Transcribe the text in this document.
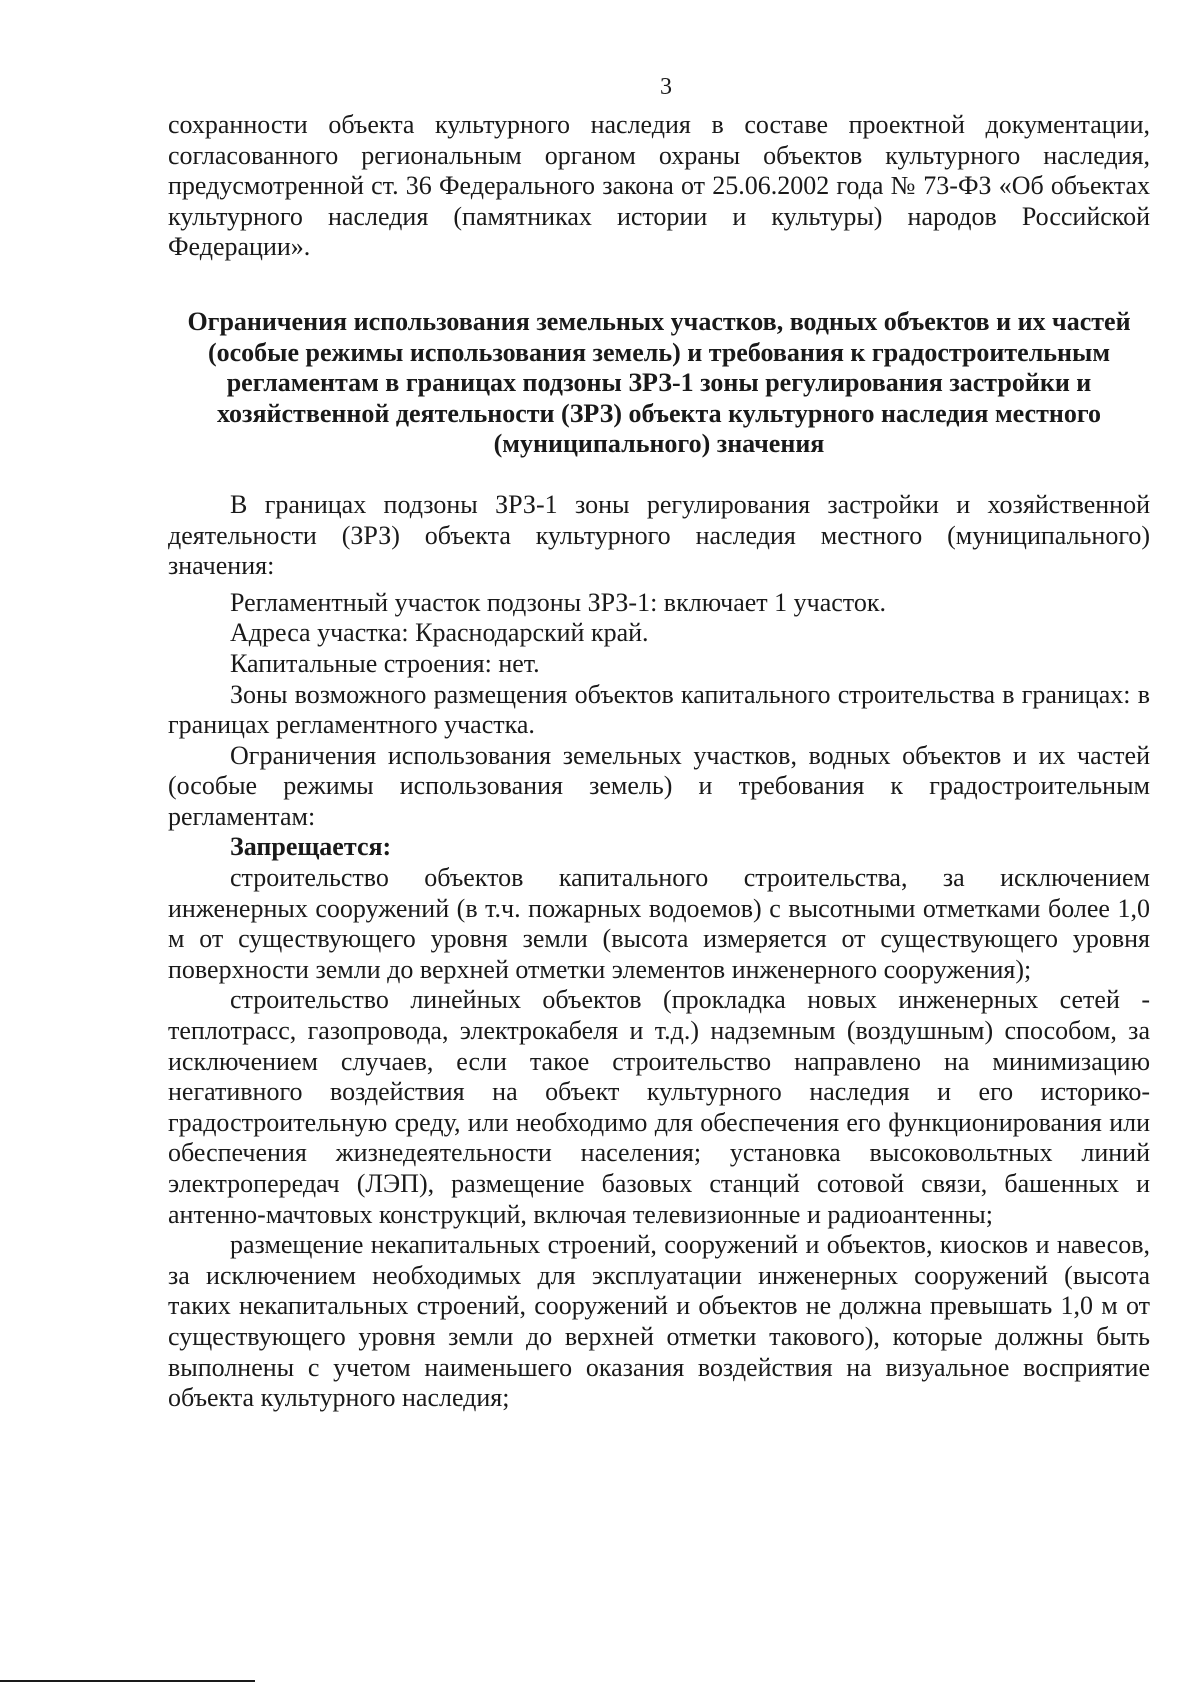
3

сохранности объекта культурного наследия в составе проектной документации, согласованного региональным органом охраны объектов культурного наследия, предусмотренной ст. 36 Федерального закона от 25.06.2002 года № 73-ФЗ «Об объектах культурного наследия (памятниках истории и культуры) народов Российской Федерации».

Ограничения использования земельных участков, водных объектов и их частей (особые режимы использования земель) и требования к градостроительным регламентам в границах подзоны ЗРЗ-1 зоны регулирования застройки и хозяйственной деятельности (ЗРЗ) объекта культурного наследия местного (муниципального) значения

В границах подзоны ЗРЗ-1 зоны регулирования застройки и хозяйственной деятельности (ЗРЗ) объекта культурного наследия местного (муниципального) значения:

Регламентный участок подзоны ЗРЗ-1: включает 1 участок.

Адреса участка: Краснодарский край.

Капитальные строения: нет.

Зоны возможного размещения объектов капитального строительства в границах: в границах регламентного участка.

Ограничения использования земельных участков, водных объектов и их частей (особые режимы использования земель) и требования к градостроительным регламентам:

Запрещается:

строительство объектов капитального строительства, за исключением инженерных сооружений (в т.ч. пожарных водоемов) с высотными отметками более 1,0 м от существующего уровня земли (высота измеряется от существующего уровня поверхности земли до верхней отметки элементов инженерного сооружения);

строительство линейных объектов (прокладка новых инженерных сетей - теплотрасс, газопровода, электрокабеля и т.д.) надземным (воздушным) способом, за исключением случаев, если такое строительство направлено на минимизацию негативного воздействия на объект культурного наследия и его историко-градостроительную среду, или необходимо для обеспечения его функционирования или обеспечения жизнедеятельности населения; установка высоковольтных линий электропередач (ЛЭП), размещение базовых станций сотовой связи, башенных и антенно-мачтовых конструкций, включая телевизионные и радиоантенны;

размещение некапитальных строений, сооружений и объектов, киосков и навесов, за исключением необходимых для эксплуатации инженерных сооружений (высота таких некапитальных строений, сооружений и объектов не должна превышать 1,0 м от существующего уровня земли до верхней отметки такового), которые должны быть выполнены с учетом наименьшего оказания воздействия на визуальное восприятие объекта культурного наследия;
